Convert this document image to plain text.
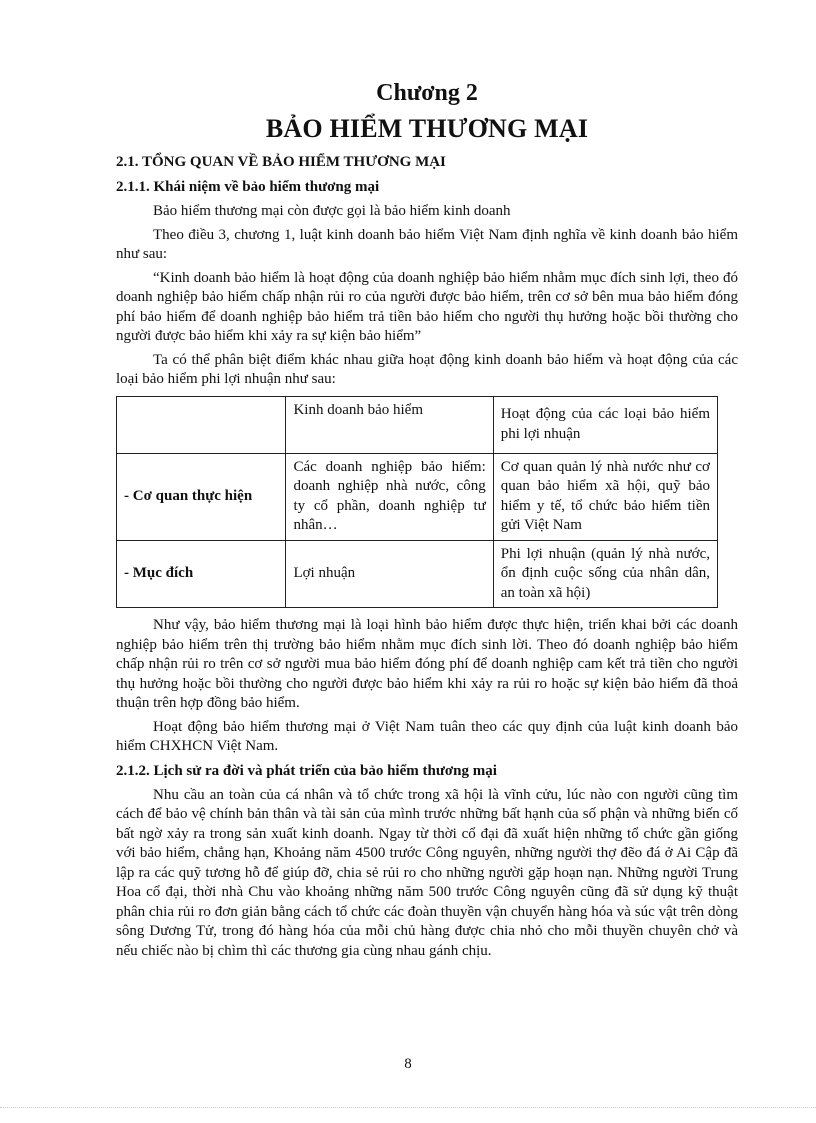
Chương 2
BẢO HIỂM THƯƠNG MẠI
2.1. TỔNG QUAN VỀ BẢO HIỂM THƯƠNG MẠI
2.1.1. Khái niệm về bảo hiểm thương mại

Bảo hiểm thương mại còn được gọi là bảo hiểm kinh doanh

Theo điều 3, chương 1, luật kinh doanh bảo hiểm Việt Nam định nghĩa về kinh doanh bảo hiểm như sau:

“Kinh doanh bảo hiểm là hoạt động của doanh nghiệp bảo hiểm nhằm mục đích sinh lợi, theo đó doanh nghiệp bảo hiểm chấp nhận rủi ro của người được bảo hiểm, trên cơ sở bên mua bảo hiểm đóng phí bảo hiểm để doanh nghiệp bảo hiểm trả tiền bảo hiểm cho người thụ hưởng hoặc bồi thường cho người được bảo hiểm khi xảy ra sự kiện bảo hiểm”

Ta có thể phân biệt điểm khác nhau giữa hoạt động kinh doanh bảo hiểm và hoạt động của các loại bảo hiểm phi lợi nhuận như sau:

	Kinh doanh bảo hiểm	Hoạt động của các loại bảo hiểm phi lợi nhuận
- Cơ quan thực hiện	Các doanh nghiệp bảo hiểm: doanh nghiệp nhà nước, công ty cổ phần, doanh nghiệp tư nhân…	Cơ quan quản lý nhà nước như cơ quan bảo hiểm xã hội, quỹ bảo hiểm y tế, tổ chức bảo hiểm tiền gửi Việt Nam
- Mục đích	Lợi nhuận	Phi lợi nhuận (quản lý nhà nước, ổn định cuộc sống của nhân dân, an toàn xã hội)

Như vậy, bảo hiểm thương mại là loại hình bảo hiểm được thực hiện, triển khai bởi các doanh nghiệp bảo hiểm trên thị trường bảo hiểm nhằm mục đích sinh lời. Theo đó doanh nghiệp bảo hiểm chấp nhận rủi ro trên cơ sở người mua bảo hiểm đóng phí để doanh nghiệp cam kết trả tiền cho người thụ hưởng hoặc bồi thường cho người được bảo hiểm khi xảy ra rủi ro hoặc sự kiện bảo hiểm đã thoả thuận trên hợp đồng bảo hiểm.

Hoạt động bảo hiểm thương mại ở Việt Nam tuân theo các quy định của luật kinh doanh bảo hiểm CHXHCN Việt Nam.

2.1.2. Lịch sử ra đời và phát triển của bảo hiểm thương mại

Nhu cầu an toàn của cá nhân và tổ chức trong xã hội là vĩnh cửu, lúc nào con người cũng tìm cách để bảo vệ chính bản thân và tài sản của mình trước những bất hạnh của số phận và những biến cố bất ngờ xảy ra trong sản xuất kinh doanh. Ngay từ thời cổ đại đã xuất hiện những tổ chức gần giống với bảo hiểm, chẳng hạn, Khoảng năm 4500 trước Công nguyên, những người thợ đẽo đá ở Ai Cập đã lập ra các quỹ tương hỗ để giúp đỡ, chia sẻ rủi ro cho những người gặp hoạn nạn. Những người Trung Hoa cổ đại, thời nhà Chu vào khoảng những năm 500 trước Công nguyên cũng đã sử dụng kỹ thuật phân chia rủi ro đơn giản bằng cách tổ chức các đoàn thuyền vận chuyển hàng hóa và súc vật trên dòng sông Dương Tử, trong đó hàng hóa của mỗi chủ hàng được chia nhỏ cho mỗi thuyền chuyên chở và nếu chiếc nào bị chìm thì các thương gia cùng nhau gánh chịu.

8
